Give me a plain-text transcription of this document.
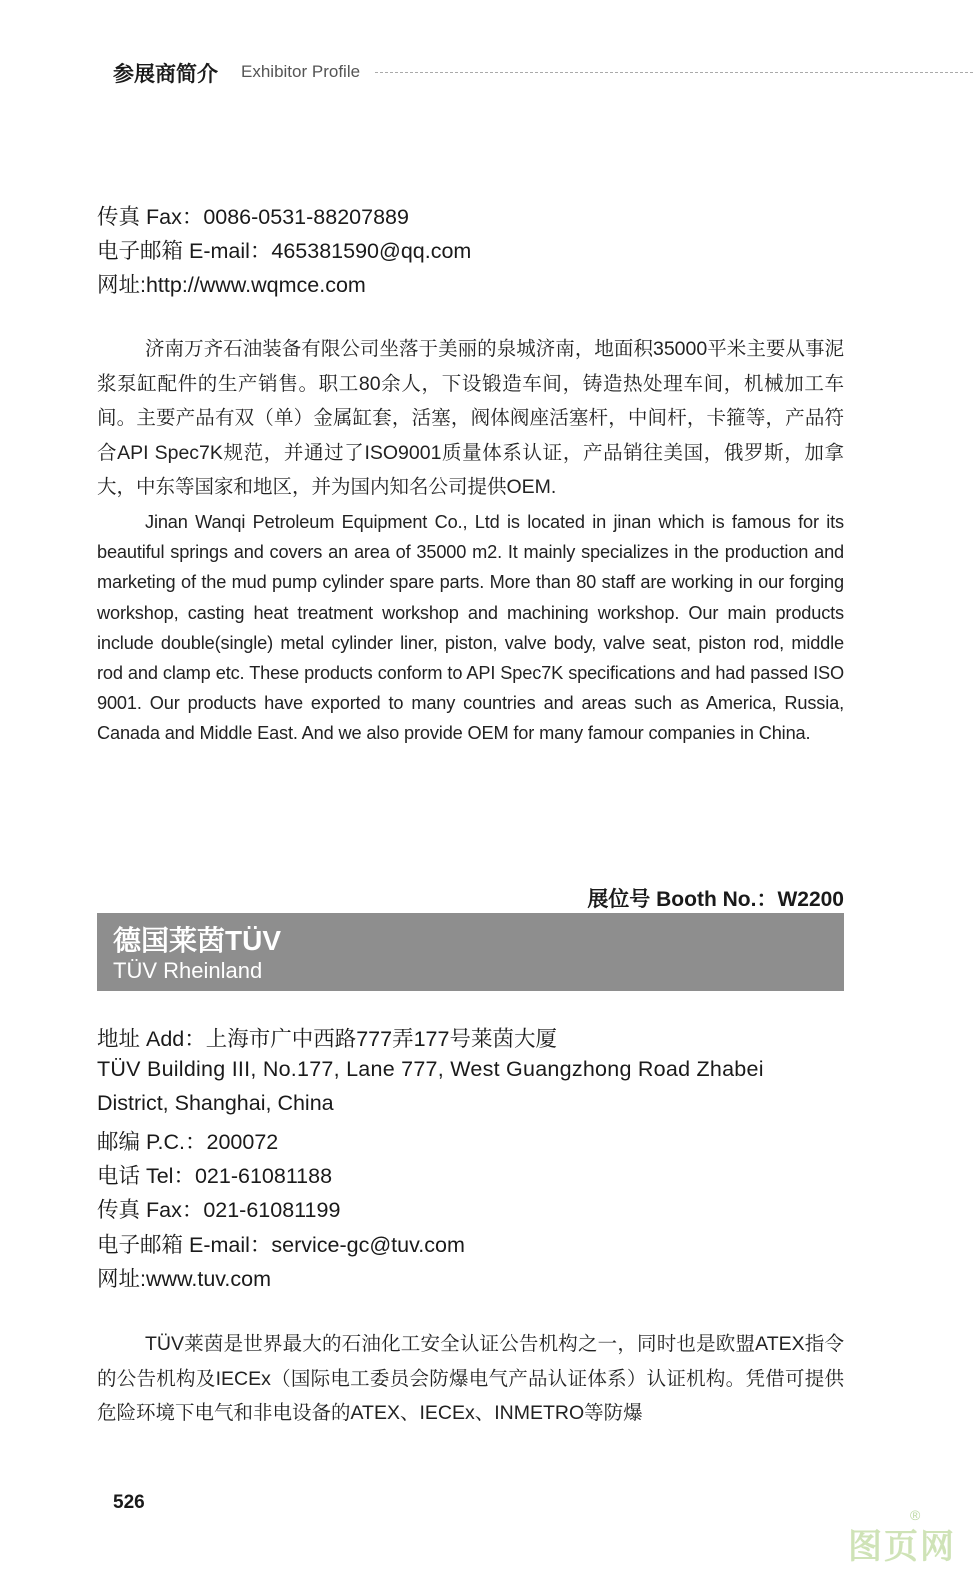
参展商简介 Exhibitor Profile
传真 Fax：0086-0531-88207889
电子邮箱 E-mail：465381590@qq.com
网址:http://www.wqmce.com

济南万齐石油装备有限公司坐落于美丽的泉城济南，地面积35000平米主要从事泥浆泵缸配件的生产销售。职工80余人，下设锻造车间，铸造热处理车间，机械加工车间。主要产品有双（单）金属缸套，活塞，阀体阀座活塞杆，中间杆，卡箍等，产品符合API Spec7K规范，并通过了ISO9001质量体系认证，产品销往美国，俄罗斯，加拿大，中东等国家和地区，并为国内知名公司提供OEM.

Jinan Wanqi Petroleum Equipment Co., Ltd is located in jinan which is famous for its beautiful springs and covers an area of 35000 m2. It mainly specializes in the production and marketing of the mud pump cylinder spare parts. More than 80 staff are working in our forging workshop, casting heat treatment workshop and machining workshop. Our main products include double(single) metal cylinder liner, piston, valve body, valve seat, piston rod, middle rod and clamp etc. These products conform to API Spec7K specifications and had passed ISO 9001. Our products have exported to many countries and areas such as America, Russia, Canada and Middle East. And we also provide OEM for many famour companies in China.

展位号 Booth No.：W2200
德国莱茵TÜV
TÜV Rheinland
地址 Add：上海市广中西路777弄177号莱茵大厦
TÜV Building III, No.177, Lane 777, West Guangzhong Road Zhabei
District, Shanghai, China
邮编 P.C.：200072
电话 Tel：021-61081188
传真 Fax：021-61081199
电子邮箱 E-mail：service-gc@tuv.com
网址:www.tuv.com

TÜV莱茵是世界最大的石油化工安全认证公告机构之一，同时也是欧盟ATEX指令的公告机构及IECEx（国际电工委员会防爆电气产品认证体系）认证机构。凭借可提供危险环境下电气和非电设备的ATEX、IECEx、INMETRO等防爆

526
图页网
®
